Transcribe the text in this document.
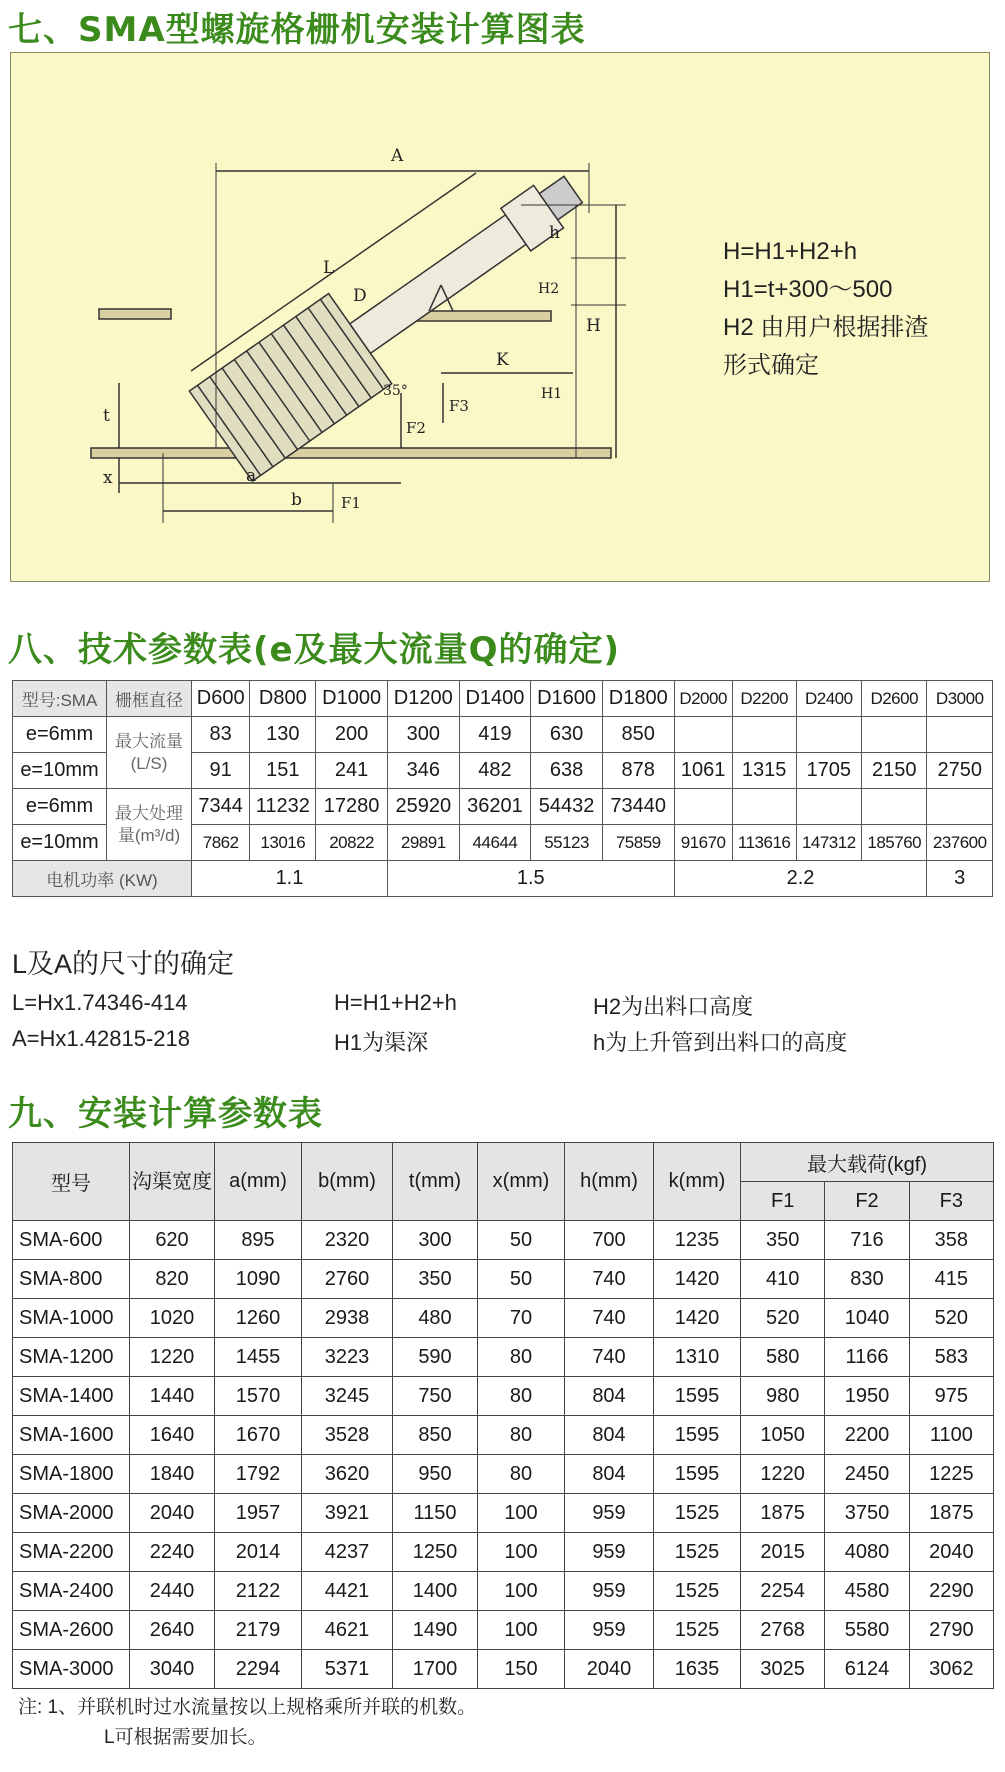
七、SMA型螺旋格栅机安装计算图表
A
L
D
h
H2
H
K
H1
F3
F2
F1
t
x	a
b
35°
H=H1+H2+h
H1=t+300～500
H2 由用户根据排渣
形式确定
八、技术参数表(e及最大流量Q的确定)
型号:SMA	栅框直径	D600	D800	D1000	D1200	D1400	D1600	D1800	D2000	D2200	D2400	D2600	D3000
e=6mm	最大流量(L/S)	83	130	200	300	419	630	850					
e=10mm		91	151	241	346	482	638	878	1061	1315	1705	2150	2750
e=6mm	最大处理量(m³/d)	7344	11232	17280	25920	36201	54432	73440					
e=10mm		7862	13016	20822	29891	44644	55123	75859	91670	113616	147312	185760	237600
电机功率 (KW)		1.1			1.5				2.2				3
L及A的尺寸的确定
L=Hx1.74346-414	H=H1+H2+h	H2为出料口高度
A=Hx1.42815-218	H1为渠深	h为上升管到出料口的高度
九、安装计算参数表
型号	沟渠宽度	a(mm)	b(mm)	t(mm)	x(mm)	h(mm)	k(mm)	最大载荷(kgf)		
								F1	F2	F3
SMA-600	620	895	2320	300	50	700	1235	350	716	358
SMA-800	820	1090	2760	350	50	740	1420	410	830	415
SMA-1000	1020	1260	2938	480	70	740	1420	520	1040	520
SMA-1200	1220	1455	3223	590	80	740	1310	580	1166	583
SMA-1400	1440	1570	3245	750	80	804	1595	980	1950	975
SMA-1600	1640	1670	3528	850	80	804	1595	1050	2200	1100
SMA-1800	1840	1792	3620	950	80	804	1595	1220	2450	1225
SMA-2000	2040	1957	3921	1150	100	959	1525	1875	3750	1875
SMA-2200	2240	2014	4237	1250	100	959	1525	2015	4080	2040
SMA-2400	2440	2122	4421	1400	100	959	1525	2254	4580	2290
SMA-2600	2640	2179	4621	1490	100	959	1525	2768	5580	2790
SMA-3000	3040	2294	5371	1700	150	2040	1635	3025	6124	3062
注: 1、并联机时过水流量按以上规格乘所并联的机数。
L可根据需要加长。
